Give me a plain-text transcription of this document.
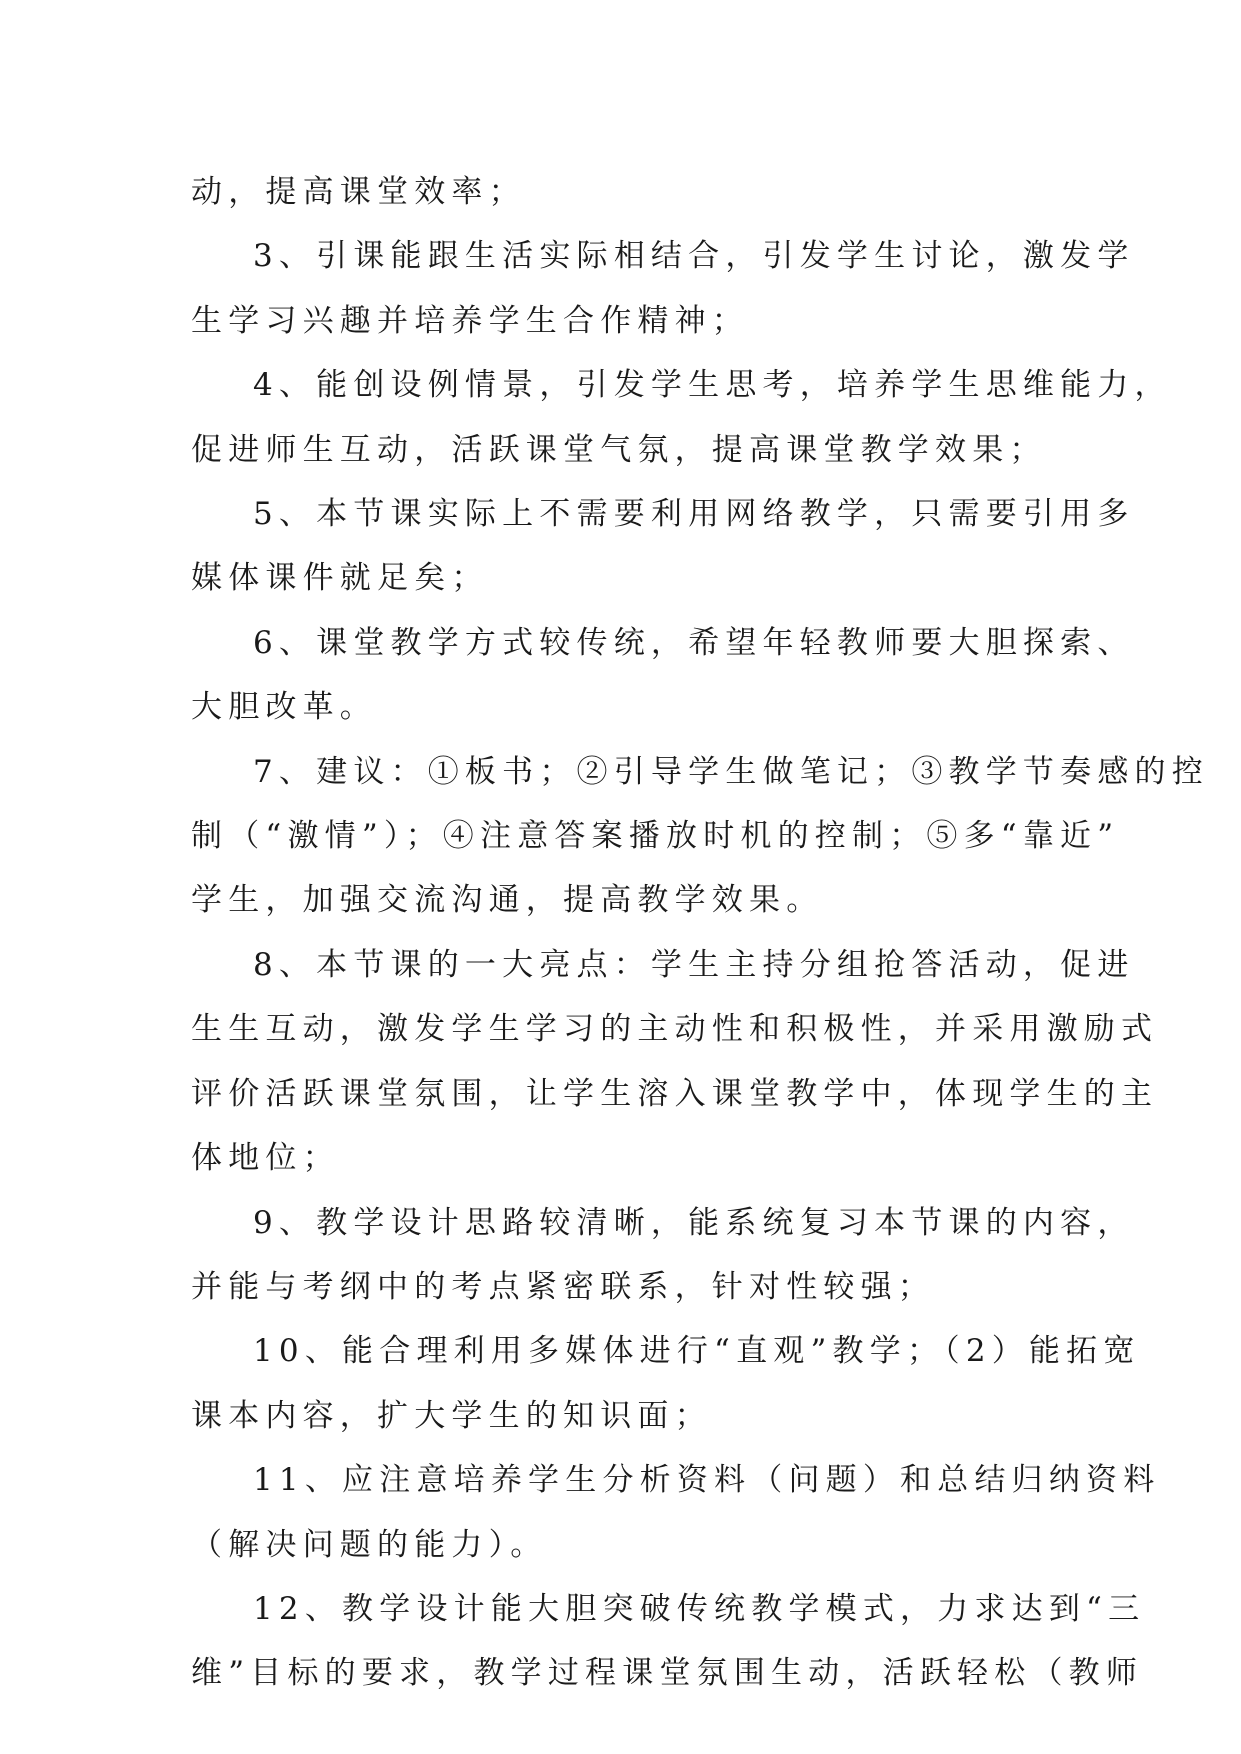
动，提高课堂效率；
3、引课能跟生活实际相结合，引发学生讨论，激发学
生学习兴趣并培养学生合作精神；
4、能创设例情景，引发学生思考，培养学生思维能力，
促进师生互动，活跃课堂气氛，提高课堂教学效果；
5、本节课实际上不需要利用网络教学，只需要引用多
媒体课件就足矣；
6、课堂教学方式较传统，希望年轻教师要大胆探索、
大胆改革。
7、建议：①板书；②引导学生做笔记；③教学节奏感的控
制（“激情”）；④注意答案播放时机的控制；⑤多“靠近”
学生，加强交流沟通，提高教学效果。
8、本节课的一大亮点：学生主持分组抢答活动，促进
生生互动，激发学生学习的主动性和积极性，并采用激励式
评价活跃课堂氛围，让学生溶入课堂教学中，体现学生的主
体地位；
9、教学设计思路较清晰，能系统复习本节课的内容，
并能与考纲中的考点紧密联系，针对性较强；
10、能合理利用多媒体进行“直观”教学；（2）能拓宽
课本内容，扩大学生的知识面；
11、应注意培养学生分析资料（问题）和总结归纳资料
（解决问题的能力）。
12、教学设计能大胆突破传统教学模式，力求达到“三
维”目标的要求，教学过程课堂氛围生动，活跃轻松（教师
